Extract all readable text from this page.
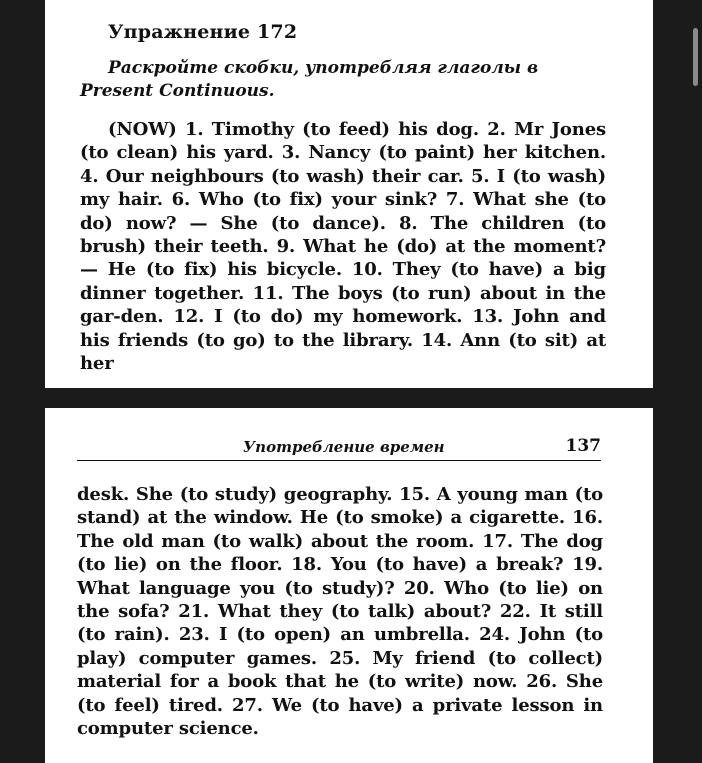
Упражнение 172
Раскройте скобки, употребляя глаголы в Present Continuous.
(NOW) 1. Timothy (to feed) his dog. 2. Mr Jones (to clean) his yard. 3. Nancy (to paint) her kitchen. 4. Our neighbours (to wash) their car. 5. I (to wash) my hair. 6. Who (to fix) your sink? 7. What she (to do) now? — She (to dance). 8. The children (to brush) their teeth. 9. What he (do) at the moment? — He (to fix) his bicycle. 10. They (to have) a big dinner together. 11. The boys (to run) about in the gar-den. 12. I (to do) my homework. 13. John and his friends (to go) to the library. 14. Ann (to sit) at her
Употребление времен	137
desk. She (to study) geography. 15. A young man (to stand) at the window. He (to smoke) a cigarette. 16. The old man (to walk) about the room. 17. The dog (to lie) on the floor. 18. You (to have) a break? 19. What language you (to study)? 20. Who (to lie) on the sofa? 21. What they (to talk) about? 22. It still (to rain). 23. I (to open) an umbrella. 24. John (to play) computer games. 25. My friend (to collect) material for a book that he (to write) now. 26. She (to feel) tired. 27. We (to have) a private lesson in computer science.
